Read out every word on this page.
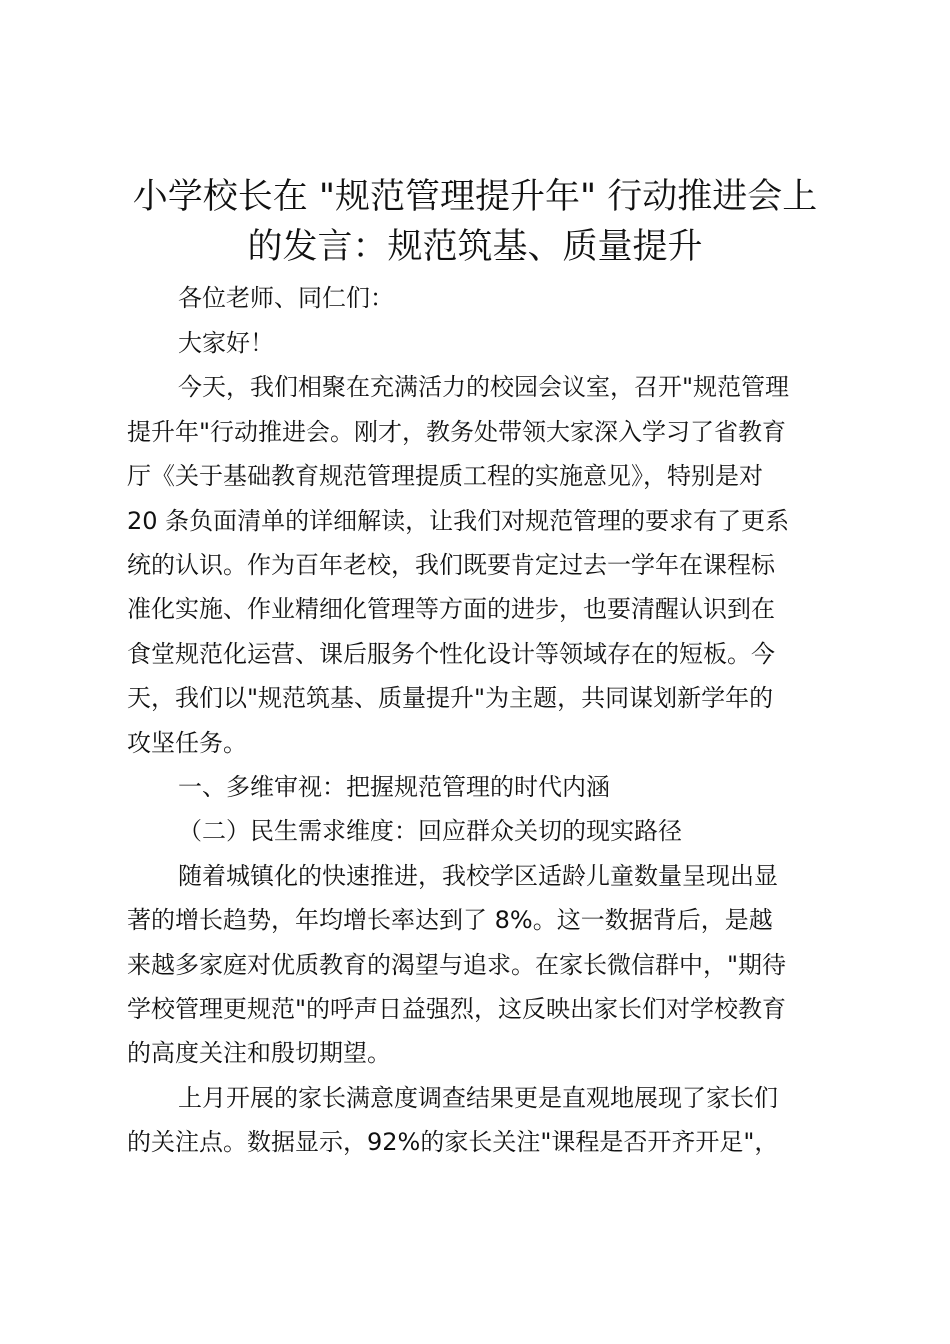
小学校长在 "规范管理提升年" 行动推进会上
的发言：规范筑基、质量提升

各位老师、同仁们：

大家好！

今天，我们相聚在充满活力的校园会议室，召开"规范管理

提升年"行动推进会。刚才，教务处带领大家深入学习了省教育

厅《关于基础教育规范管理提质工程的实施意见》，特别是对

20 条负面清单的详细解读，让我们对规范管理的要求有了更系

统的认识。作为百年老校，我们既要肯定过去一学年在课程标

准化实施、作业精细化管理等方面的进步，也要清醒认识到在

食堂规范化运营、课后服务个性化设计等领域存在的短板。今

天，我们以"规范筑基、质量提升"为主题，共同谋划新学年的

攻坚任务。

一、多维审视：把握规范管理的时代内涵

（二）民生需求维度：回应群众关切的现实路径

随着城镇化的快速推进，我校学区适龄儿童数量呈现出显

著的增长趋势，年均增长率达到了 8%。这一数据背后，是越

来越多家庭对优质教育的渴望与追求。在家长微信群中，"期待

学校管理更规范"的呼声日益强烈，这反映出家长们对学校教育

的高度关注和殷切期望。

上月开展的家长满意度调查结果更是直观地展现了家长们

的关注点。数据显示，92%的家长关注"课程是否开齐开足"，
